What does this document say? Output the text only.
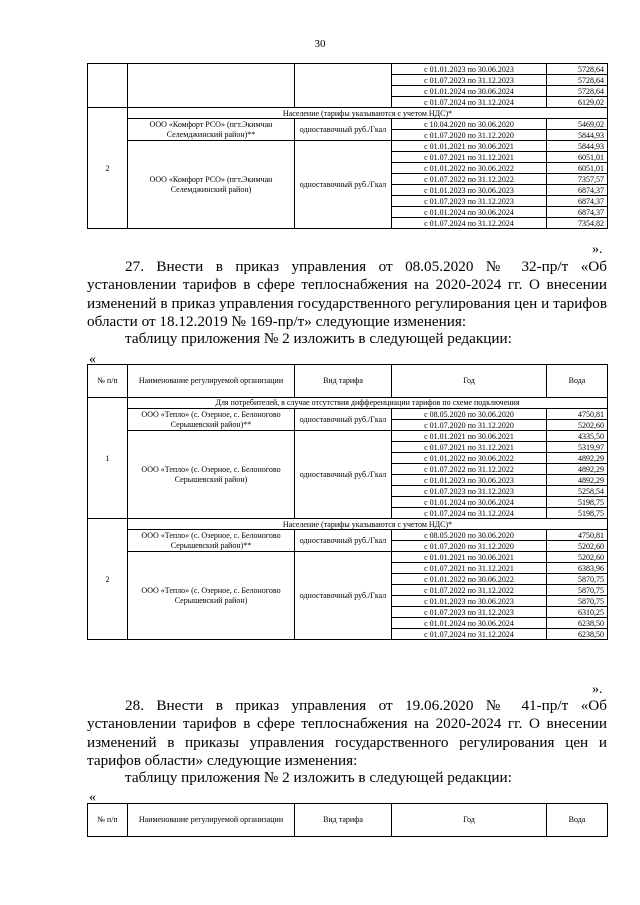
30
			с 01.01.2023 по 30.06.2023	5728,64
			с 01.07.2023 по 31.12.2023	5728,64
			с 01.01.2024 по 30.06.2024	5728,64
			с 01.07.2024 по 31.12.2024	6129,02
2	Население (тарифы указываются с учетом НДС)*			
	ООО «Комфорт РСО» (пгт.Экимчан Селемджинский район)**	одноставочный руб./Гкал	с 10.04.2020 по 30.06.2020	5469,02
			с 01.07.2020 по 31.12.2020	5844,93
	ООО «Комфорт РСО» (пгт.Экимчан Селемджинский район)	одноставочный руб./Гкал	с 01.01.2021 по 30.06.2021	5844,93
			с 01.07.2021 по 31.12.2021	6051,01
			с 01.01.2022 по 30.06.2022	6051,01
			с 01.07.2022 по 31.12.2022	7357,57
			с 01.01.2023 по 30.06.2023	6874,37
			с 01.07.2023 по 31.12.2023	6874,37
			с 01.01.2024 по 30.06.2024	6874,37
			с 01.07.2024 по 31.12.2024	7354,82
».
27. Внести в приказ управления от 08.05.2020 № 32-пр/т «Об установлении тарифов в сфере теплоснабжения на 2020-2024 гг. О внесении изменений в приказ управления государственного регулирования цен и тарифов области от 18.12.2019 № 169-пр/т» следующие изменения:
таблицу приложения № 2 изложить в следующей редакции:
«
№ п/п	Наименование регулируемой организации	Вид тарифа	Год	Вода
1	Для потребителей, в случае отсутствия дифференциации тарифов по схеме подключения			
	ООО «Тепло» (с. Озерное, с. Белоногово Серышевский район)**	одноставочный руб./Гкал	с 08.05.2020 по 30.06.2020	4750,81
			с 01.07.2020 по 31.12.2020	5202,60
	ООО «Тепло» (с. Озерное, с. Белоногово Серышевский район)	одноставочный руб./Гкал	с 01.01.2021 по 30.06.2021	4335,50
			с 01.07.2021 по 31.12.2021	5319,97
			с 01.01.2022 по 30.06.2022	4892,29
			с 01.07.2022 по 31.12.2022	4892,29
			с 01.01.2023 по 30.06.2023	4892,29
			с 01.07.2023 по 31.12.2023	5258,54
			с 01.01.2024 по 30.06.2024	5198,75
			с 01.07.2024 по 31.12.2024	5198,75
2	Население (тарифы указываются с учетом НДС)*			
	ООО «Тепло» (с. Озерное, с. Белоногово Серышевский район)**	одноставочный руб./Гкал	с 08.05.2020 по 30.06.2020	4750,81
			с 01.07.2020 по 31.12.2020	5202,60
	ООО «Тепло» (с. Озерное, с. Белоногово Серышевский район)	одноставочный руб./Гкал	с 01.01.2021 по 30.06.2021	5202,60
			с 01.07.2021 по 31.12.2021	6383,96
			с 01.01.2022 по 30.06.2022	5870,75
			с 01.07.2022 по 31.12.2022	5870,75
			с 01.01.2023 по 30.06.2023	5870,75
			с 01.07.2023 по 31.12.2023	6310,25
			с 01.01.2024 по 30.06.2024	6238,50
			с 01.07.2024 по 31.12.2024	6238,50
».
28. Внести в приказ управления от 19.06.2020 № 41-пр/т «Об установлении тарифов в сфере теплоснабжения на 2020-2024 гг. О внесении изменений в приказы управления государственного регулирования цен и тарифов области» следующие изменения:
таблицу приложения № 2 изложить в следующей редакции:
«
№ п/п	Наименование регулируемой организации	Вид тарифа	Год	Вода
